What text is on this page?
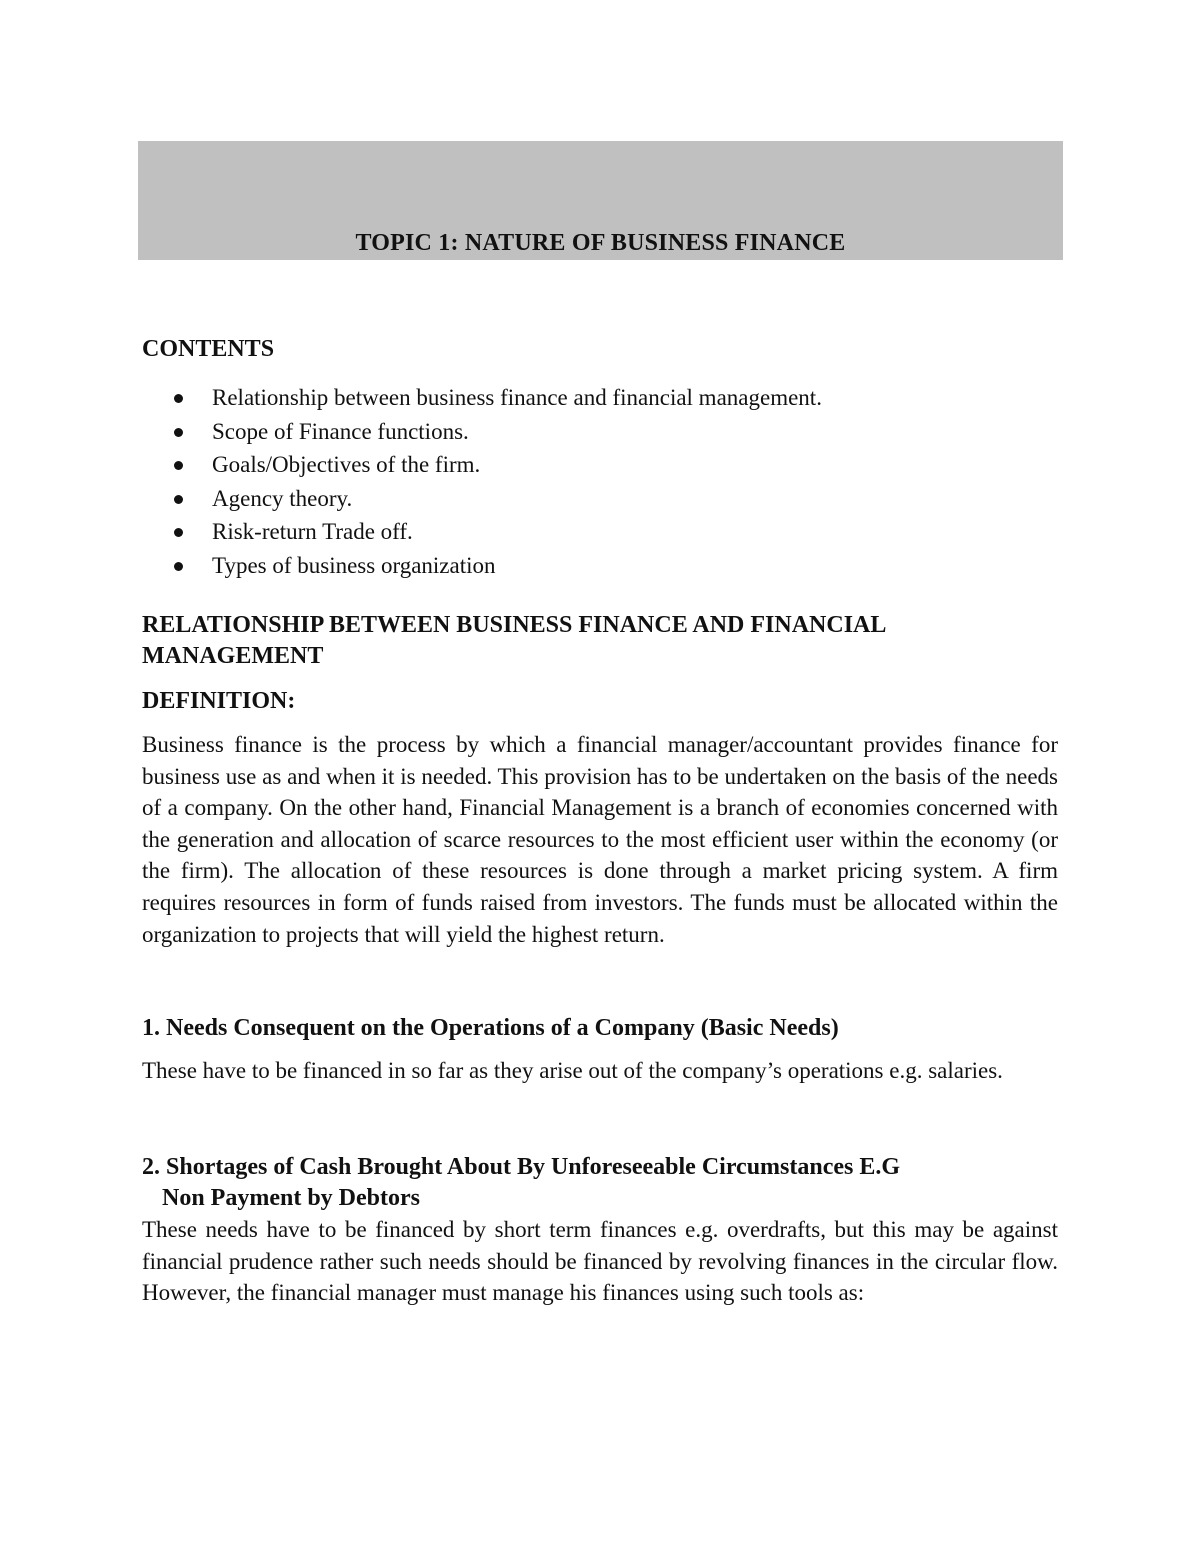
TOPIC 1: NATURE OF BUSINESS FINANCE
CONTENTS
Relationship between business finance and financial management.
Scope of Finance functions.
Goals/Objectives of the firm.
Agency theory.
Risk-return Trade off.
Types of business organization
RELATIONSHIP BETWEEN BUSINESS FINANCE AND FINANCIAL MANAGEMENT
DEFINITION:
Business finance is the process by which a financial manager/accountant provides finance for business use as and when it is needed. This provision has to be undertaken on the basis of the needs of a company. On the other hand, Financial Management is a branch of economies concerned with the generation and allocation of scarce resources to the most efficient user within the economy (or the firm). The allocation of these resources is done through a market pricing system. A firm requires resources in form of funds raised from investors. The funds must be allocated within the organization to projects that will yield the highest return.
1. Needs Consequent on the Operations of a Company (Basic Needs)
These have to be financed in so far as they arise out of the company’s operations e.g. salaries.
2. Shortages of Cash Brought About By Unforeseeable Circumstances E.G
Non Payment by Debtors
These needs have to be financed by short term finances e.g. overdrafts, but this may be against financial prudence rather such needs should be financed by revolving finances in the circular flow. However, the financial manager must manage his finances using such tools as:
